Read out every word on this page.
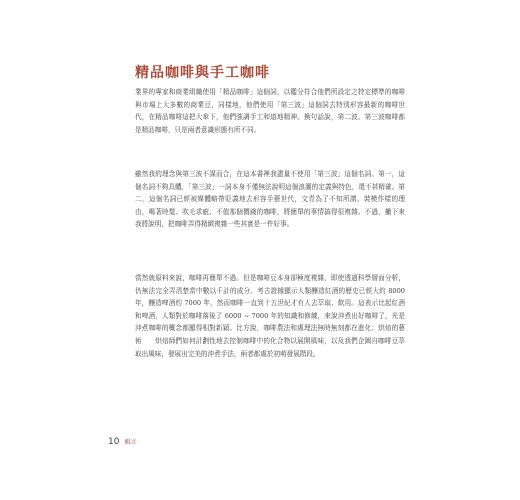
精品咖啡與手工咖啡

業界的專家和商業組織使用「精品咖啡」這個詞，以鑑分符合他們所設定之特定標準的咖啡與市場上大多數的商業豆，同樣地，他們使用「第三波」這個詞去特別形容最新的咖啡世代，在精品咖啡這把大傘下，他們強調手工和道地精神。換句話說，第二波、第三波咖啡都是精品咖啡，只是兩者意識形態有所不同。

雖然我的理念與第三波不謀而合，在這本書裡我盡量不使用「第三波」這個名詞。第一，這個名詞不夠具體，「第三波」一詞本身不僅無法說明這個浪潮的定義與特色，還不甚精確。第二，這個名詞已經被媒體略帶貶義地去形容手藝世代，文青為了不知所謂、裝模作樣的理由，喝著時髦、吹毛求疵、不值那個價錢的咖啡，將簡單的事情搞得很複雜。不過，撇下來我將說明，把咖啡弄得精緻複雜一些其實是一件好事。

當然就原料來說，咖啡再簡單不過。但是咖啡豆本身卻極度複雜，即使透過科學層面分析，仍無法完全弄清楚當中數以千計的成分。考古證據顯示人類釀造紅酒的歷史已經大約 8000 年，釀造啤酒約 7000 年，然而咖啡一直到十五世紀才有人去萃取、飲用。這表示比起紅酒和啤酒，人類對於咖啡落後了 6000 ~ 7000 年的知識和修練，來說沖煮出好咖啡了，光是沖煮咖啡的概念都顯得相對新穎。比方說，咖啡農法和處理法無時無刻都在進化；烘焙的藝術　　烘焙師們如何計劃性地去控制咖啡中的化合物以展開風味，以及我們企圖自咖啡豆萃取出風味，發展出完美的沖煮手法，兩者都處於初萌發展階段。

10 輯言
